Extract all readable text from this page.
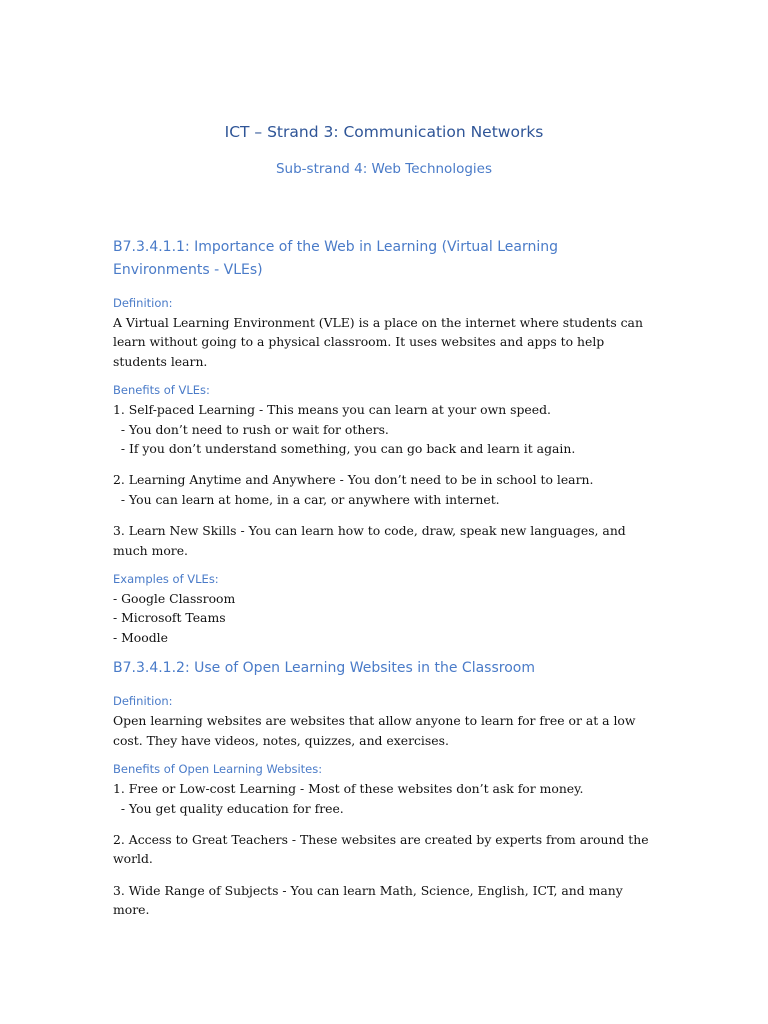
ICT – Strand 3: Communication Networks
Sub-strand 4: Web Technologies
B7.3.4.1.1: Importance of the Web in Learning (Virtual Learning Environments - VLEs)
Definition:
A Virtual Learning Environment (VLE) is a place on the internet where students can learn without going to a physical classroom. It uses websites and apps to help students learn.
Benefits of VLEs:
1. Self-paced Learning - This means you can learn at your own speed.
- You don’t need to rush or wait for others.
- If you don’t understand something, you can go back and learn it again.
2. Learning Anytime and Anywhere - You don’t need to be in school to learn.
- You can learn at home, in a car, or anywhere with internet.
3. Learn New Skills - You can learn how to code, draw, speak new languages, and much more.
Examples of VLEs:
- Google Classroom
- Microsoft Teams
- Moodle
B7.3.4.1.2: Use of Open Learning Websites in the Classroom
Definition:
Open learning websites are websites that allow anyone to learn for free or at a low cost. They have videos, notes, quizzes, and exercises.
Benefits of Open Learning Websites:
1. Free or Low-cost Learning - Most of these websites don’t ask for money.
- You get quality education for free.
2. Access to Great Teachers - These websites are created by experts from around the world.
3. Wide Range of Subjects - You can learn Math, Science, English, ICT, and many more.
